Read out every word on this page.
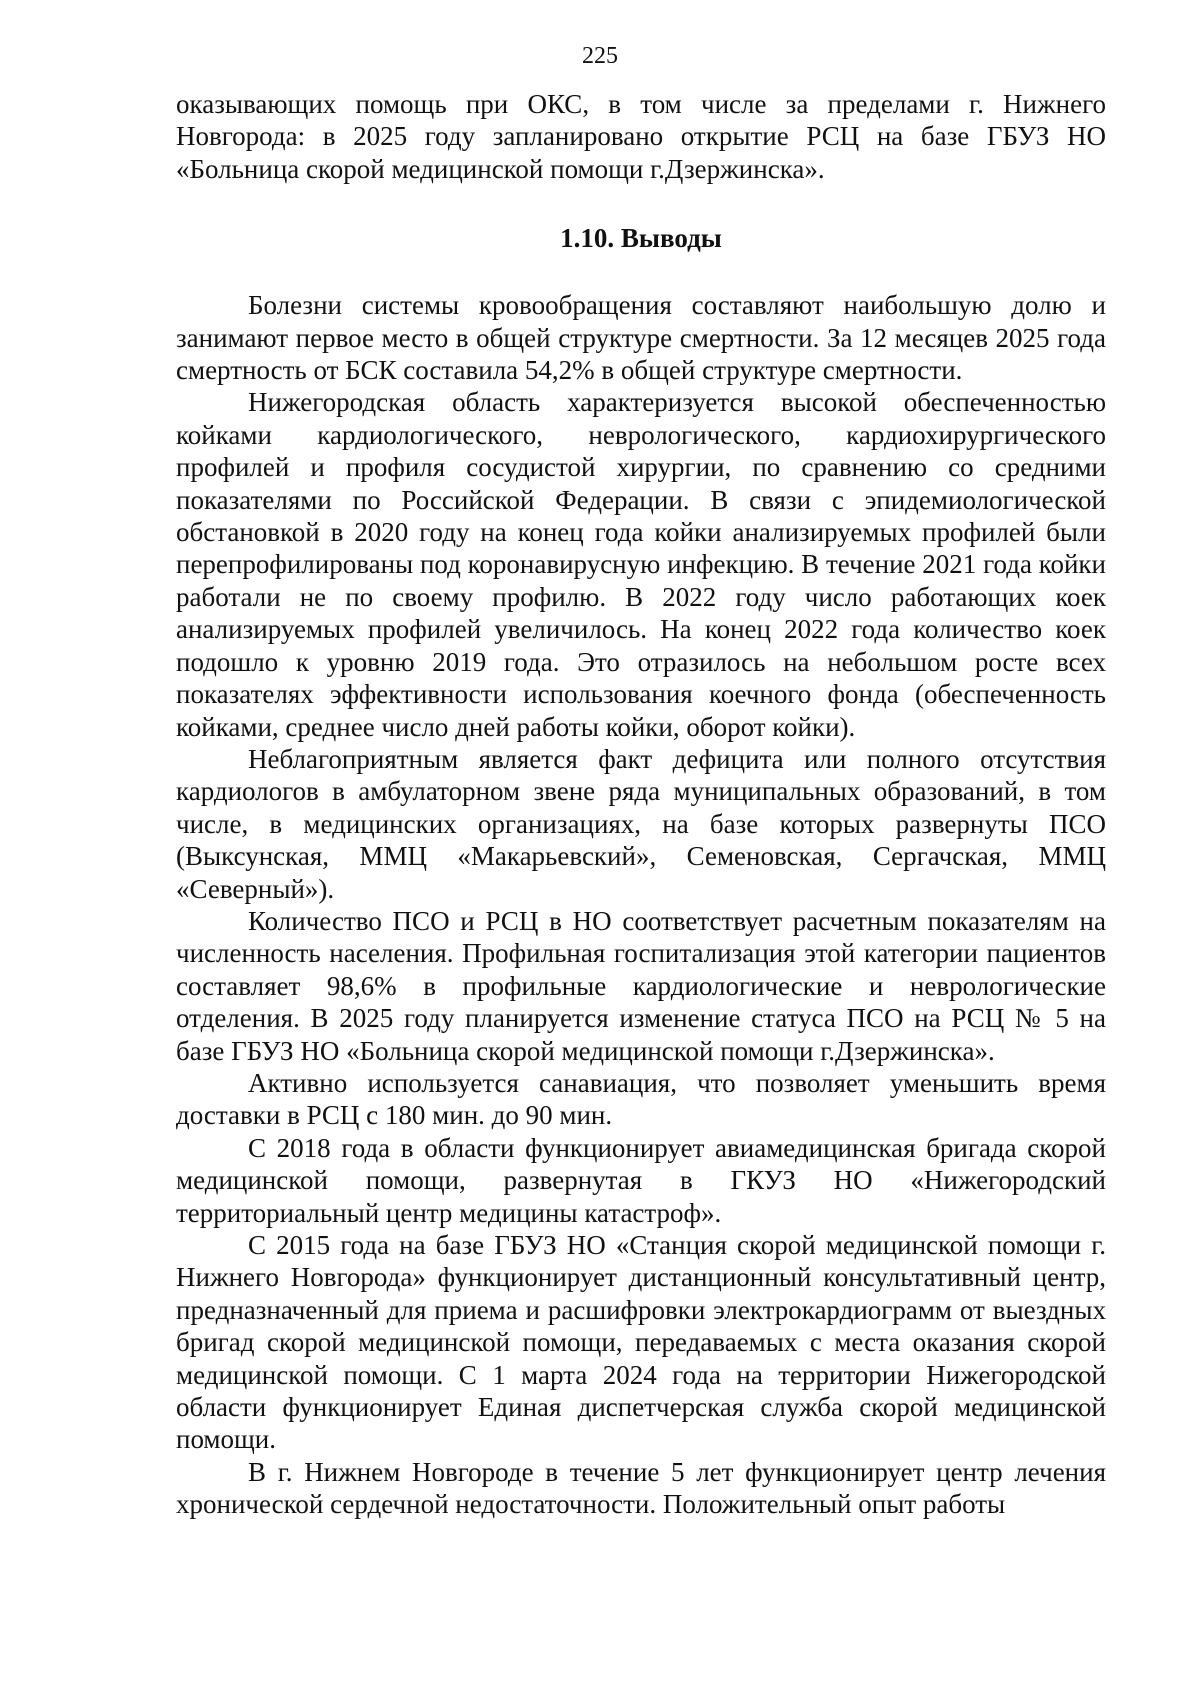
225

оказывающих помощь при ОКС, в том числе за пределами г. Нижнего Новгорода: в 2025 году запланировано открытие РСЦ на базе ГБУЗ НО «Больница скорой медицинской помощи г.Дзержинска».

1.10. Выводы

Болезни системы кровообращения составляют наибольшую долю и занимают первое место в общей структуре смертности. За 12 месяцев 2025 года смертность от БСК составила 54,2% в общей структуре смертности.

Нижегородская область характеризуется высокой обеспеченностью койками кардиологического, неврологического, кардиохирургического профилей и профиля сосудистой хирургии, по сравнению со средними показателями по Российской Федерации. В связи с эпидемиологической обстановкой в 2020 году на конец года койки анализируемых профилей были перепрофилированы под коронавирусную инфекцию. В течение 2021 года койки работали не по своему профилю. В 2022 году число работающих коек анализируемых профилей увеличилось. На конец 2022 года количество коек подошло к уровню 2019 года. Это отразилось на небольшом росте всех показателях эффективности использования коечного фонда (обеспеченность койками, среднее число дней работы койки, оборот койки).

Неблагоприятным является факт дефицита или полного отсутствия кардиологов в амбулаторном звене ряда муниципальных образований, в том числе, в медицинских организациях, на базе которых развернуты ПСО (Выксунская, ММЦ «Макарьевский», Семеновская, Сергачская, ММЦ «Северный»).

Количество ПСО и РСЦ в НО соответствует расчетным показателям на численность населения. Профильная госпитализация этой категории пациентов составляет 98,6% в профильные кардиологические и неврологические отделения. В 2025 году планируется изменение статуса ПСО на РСЦ № 5 на базе ГБУЗ НО «Больница скорой медицинской помощи г.Дзержинска».

Активно используется санавиация, что позволяет уменьшить время доставки в РСЦ с 180 мин. до 90 мин.

С 2018 года в области функционирует авиамедицинская бригада скорой медицинской помощи, развернутая в ГКУЗ НО «Нижегородский территориальный центр медицины катастроф».

С 2015 года на базе ГБУЗ НО «Станция скорой медицинской помощи г. Нижнего Новгорода» функционирует дистанционный консультативный центр, предназначенный для приема и расшифровки электрокардиограмм от выездных бригад скорой медицинской помощи, передаваемых с места оказания скорой медицинской помощи. С 1 марта 2024 года на территории Нижегородской области функционирует Единая диспетчерская служба скорой медицинской помощи.

В г. Нижнем Новгороде в течение 5 лет функционирует центр лечения хронической сердечной недостаточности. Положительный опыт работы
